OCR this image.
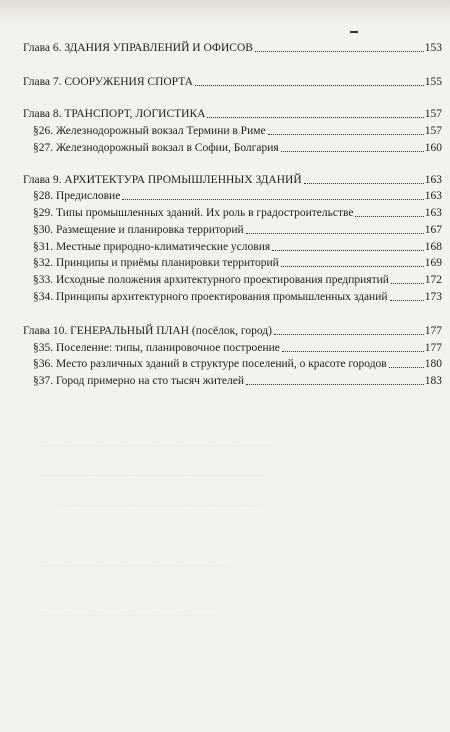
— — — — — — — — — — — — — — — — — — — — —
— — — — — — — — — — — — — — — — — — — —
— — — — — — — — — — — — — — — — — —
— — — — — — — — — — — — — — — — —
— — — — — — — — — — — — — — — —
Глава 6. ЗДАНИЯ УПРАВЛЕНИЙ И ОФИСОВ	153
Глава 7. СООРУЖЕНИЯ СПОРТА	155
Глава 8. ТРАНСПОРТ, ЛОГИСТИКА	157
§26. Железнодорожный вокзал Термини в Риме	157
§27. Железнодорожный вокзал в Софии, Болгария	160
Глава 9. АРХИТЕКТУРА ПРОМЫШЛЕННЫХ ЗДАНИЙ	163
§28. Предисловие	163
§29. Типы промышленных зданий. Их роль в градостроительстве	163
§30. Размещение и планировка территорий	167
§31. Местные природно-климатические условия	168
§32. Принципы и приёмы планировки территорий	169
§33. Исходные положения архитектурного проектирования предприятий	172
§34. Принципы архитектурного проектирования промышленных зданий	173
Глава 10. ГЕНЕРАЛЬНЫЙ ПЛАН (посёлок, город)	177
§35. Поселение: типы, планировочное построение	177
§36. Место различных зданий в структуре поселений, о красоте городов	180
§37. Город примерно на сто тысяч жителей	183
